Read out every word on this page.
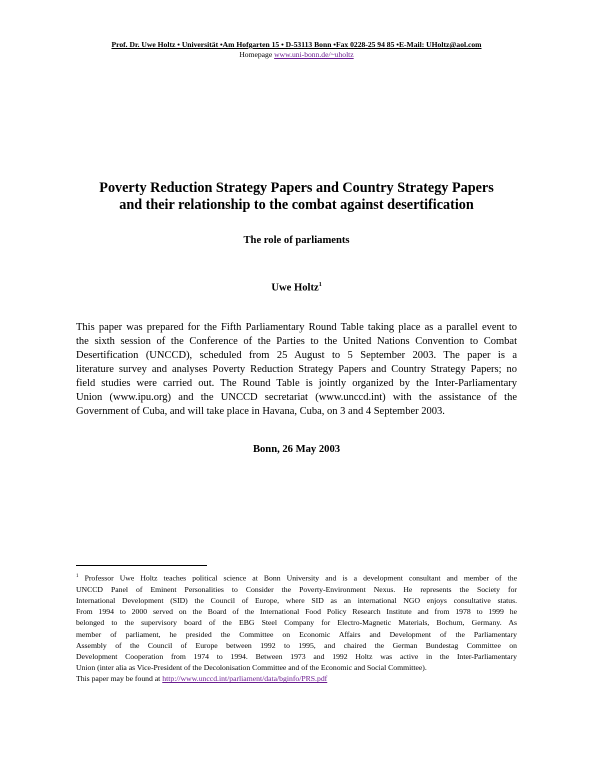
Prof. Dr. Uwe Holtz • Universität •Am Hofgarten 15 • D-53113 Bonn •Fax 0228-25 94 85 •E-Mail: UHoltz@aol.com
Homepage www.uni-bonn.de/~uholtz
Poverty Reduction Strategy Papers and Country Strategy Papers
and their relationship to the combat against desertification
The role of parliaments
Uwe Holtz$^1$
This paper was prepared for the Fifth Parliamentary Round Table taking place as a parallel event to
the sixth session of the Conference of the Parties to the United Nations Convention to Combat
Desertification (UNCCD), scheduled from 25 August to 5 September 2003. The paper is a
literature survey and analyses Poverty Reduction Strategy Papers and Country Strategy Papers; no
field studies were carried out. The Round Table is jointly organized by the Inter-Parliamentary
Union (www.ipu.org) and the UNCCD secretariat (www.unccd.int) with the assistance of the
Government of Cuba, and will take place in Havana, Cuba, on 3 and 4 September 2003.
Bonn, 26 May 2003
$^1$ Professor Uwe Holtz teaches political science at Bonn University and is a development consultant and member of the
UNCCD Panel of Eminent Personalities to Consider the Poverty-Environment Nexus. He represents the Society for
International Development (SID) the Council of Europe, where SID as an international NGO enjoys consultative status.
From 1994 to 2000 served on the Board of the International Food Policy Research Institute and from 1978 to 1999 he
belonged to the supervisory board of the EBG Steel Company for Electro-Magnetic Materials, Bochum, Germany. As
member of parliament, he presided the Committee on Economic Affairs and Development of the Parliamentary
Assembly of the Council of Europe between 1992 to 1995, and chaired the German Bundestag Committee on
Development Cooperation from 1974 to 1994. Between 1973 and 1992 Holtz was active in the Inter-Parliamentary
Union (inter alia as Vice-President of the Decolonisation Committee and of the Economic and Social Committee).
This paper may be found at http://www.unccd.int/parliament/data/bginfo/PRS.pdf
